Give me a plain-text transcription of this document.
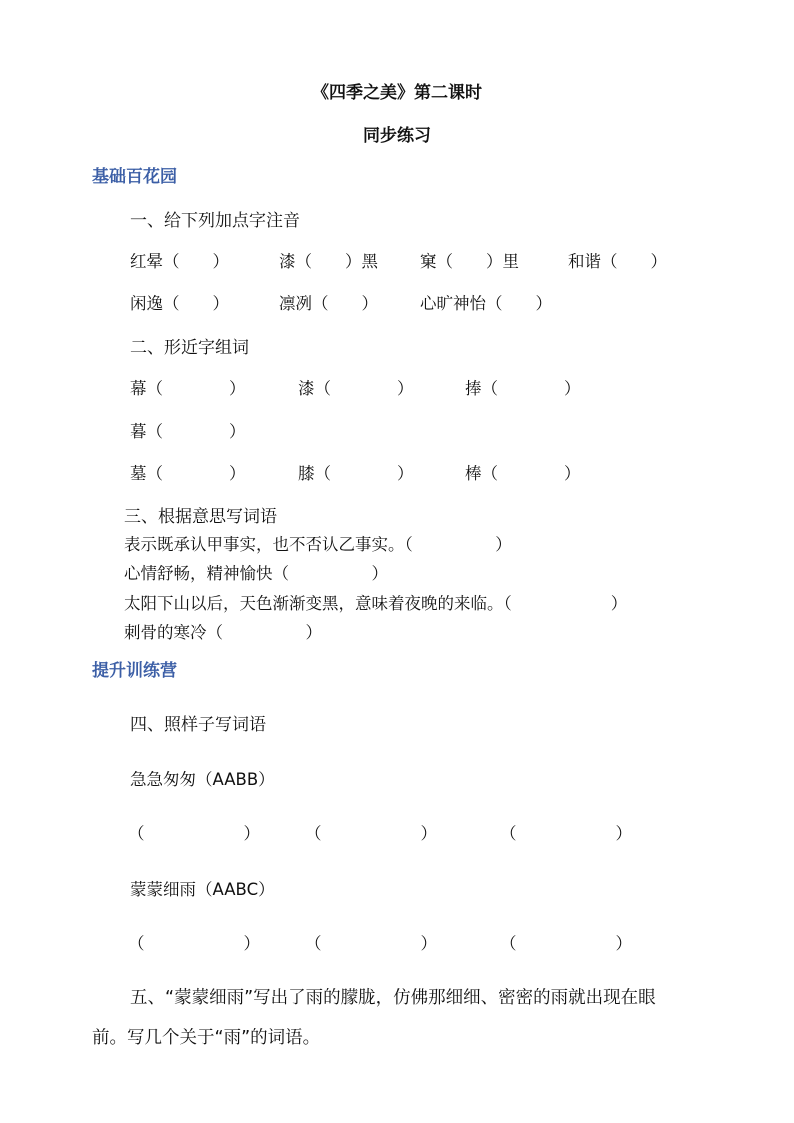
《四季之美》第二课时
同步练习
基础百花园
一、给下列加点字注音
红晕（　　）	漆（　　）黑	窠（　　）里	和谐（　　）
闲逸（　　）	凛冽（　　）	心旷神怡（　　）
二、形近字组词
幕（　　　　）	漆（　　　　）	捧（　　　　）
暮（　　　　）
墓（　　　　）	膝（　　　　）	棒（　　　　）
三、根据意思写词语
表示既承认甲事实，也不否认乙事实。（　　　　　）
心情舒畅，精神愉快（　　　　　）
太阳下山以后，天色渐渐变黑，意味着夜晚的来临。（　　　　　　）
刺骨的寒冷（　　　　　）
提升训练营
四、照样子写词语
急急匆匆（AABB）
（　　　　　　）	（　　　　　　）	（　　　　　　）
蒙蒙细雨（AABC）
（　　　　　　）	（　　　　　　）	（　　　　　　）
五、“蒙蒙细雨”写出了雨的朦胧，仿佛那细细、密密的雨就出现在眼
前。写几个关于“雨”的词语。
